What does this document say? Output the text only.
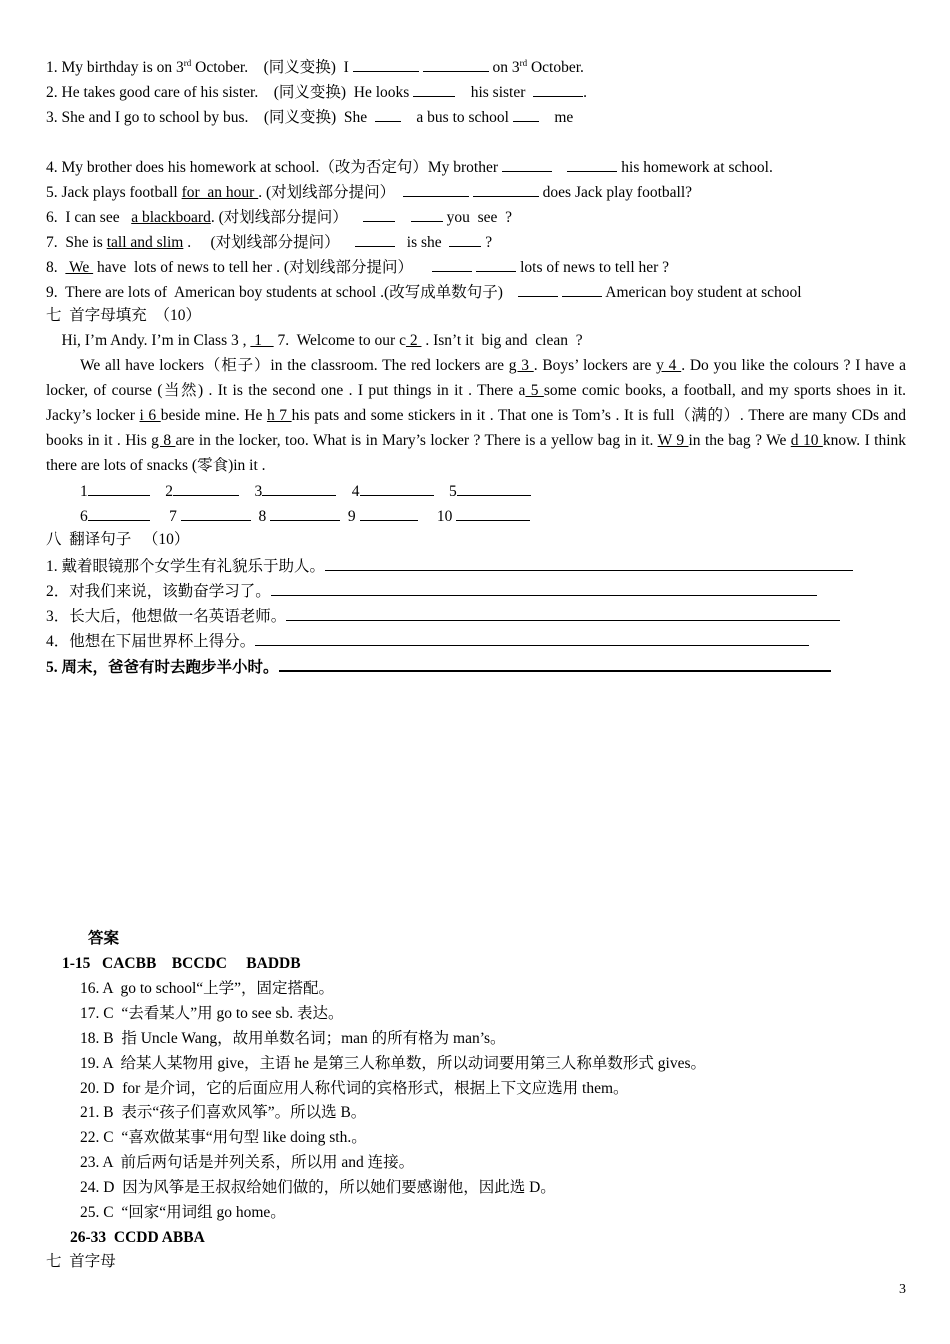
1. My birthday is on 3rd October.    (同义变换)  I	on 3rd October.
2. He takes good care of his sister.    (同义变换)  He looks	his sister	.
3. She and I go to school by bus.    (同义变换)  She      a bus to school     me
4. My brother does his homework at school.（改为否定句）My brother	his homework at school.
5. Jack plays football for  an hour . (对划线部分提问）	does Jack play football?
6.  I can see   a blackboard. (对划线部分提问）	you  see  ?
7.  She is tall and slim .     (对划线部分提问）	is she   ?
8.   We  have  lots of news to tell her . (对划线部分提问）	lots of news to tell her ?
9.  There are lots of  American boy students at school .(改写成单数句子)	American boy student at school
七  首字母填充  （10）
Hi, I’m Andy. I’m in Class 3 ,  1    7.  Welcome to our c 2  . Isn’t it  big and  clean  ?
We all have lockers（柜子）in the classroom. The red lockers are g 3 . Boys’ lockers are y 4 . Do you like the colours ? I have a locker, of course (当然) . It is the second one . I put things in it . There a 5 some comic books, a football, and my sports shoes in it. Jacky’s locker i 6 beside mine. He h 7 his pats and some stickers in it . That one is Tom’s . It is full（满的）. There are many CDs and books in it . His g 8 are in the locker, too. What is in Mary’s locker ? There is a yellow bag in it. W 9 in the bag ? We d 10 know. I think there are lots of snacks (零食)in it .
1	2	3	4	5
6	7	8	9	10
八  翻译句子   （10）
1. 戴着眼镜那个女学生有礼貌乐于助人。
2．对我们来说，该勤奋学习了。
3．长大后，他想做一名英语老师。
4．他想在下届世界杯上得分。
5. 周末，爸爸有时去跑步半小时。
答案
1-15   CACBB    BCCDC     BADDB
16. A  go to school“上学”，固定搭配。
17. C  “去看某人”用 go to see sb. 表达。
18. B  指 Uncle Wang，故用单数名词；man 的所有格为 man’s。
19. A  给某人某物用 give，主语 he 是第三人称单数，所以动词要用第三人称单数形式 gives。
20. D  for 是介词，它的后面应用人称代词的宾格形式，根据上下文应选用 them。
21. B  表示“孩子们喜欢风筝”。所以选 B。
22. C  “喜欢做某事“用句型 like doing sth.。
23. A  前后两句话是并列关系，所以用 and 连接。
24. D  因为风筝是王叔叔给她们做的，所以她们要感谢他，因此选 D。
25. C  “回家“用词组 go home。
26-33  CCDD ABBA
七  首字母
3
